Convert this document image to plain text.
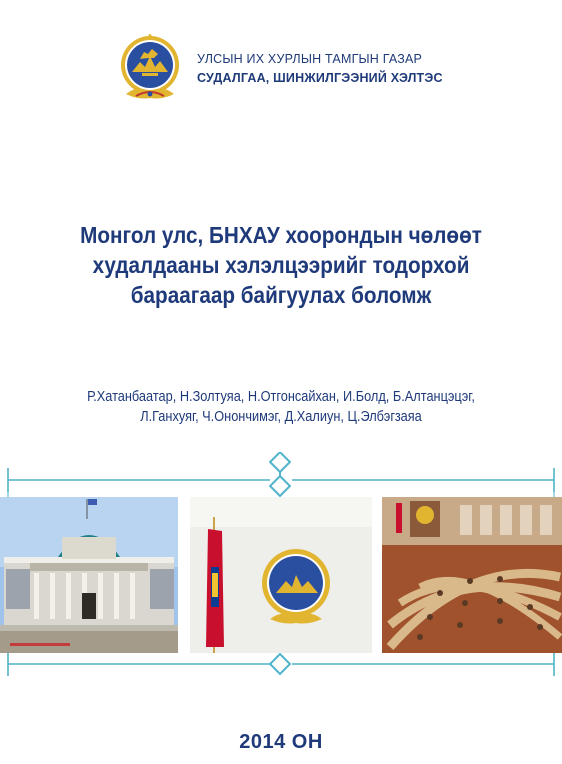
УЛСЫН ИХ ХУРЛЫН ТАМГЫН ГАЗАР
СУДАЛГАА, ШИНЖИЛГЭЭНИЙ ХЭЛТЭС
Монгол улс, БНХАУ хоорондын чөлөөт
худалдааны хэлэлцээрийг тодорхой
бараагаар байгуулах боломж
Р.Хатанбаатар, Н.Золтуяа, Н.Отгонсайхан, И.Болд, Б.Алтанцэцэг,
Л.Ганхуяг, Ч.Онончимэг, Д.Халиун, Ц.Элбэгзаяа
2014 ОН
